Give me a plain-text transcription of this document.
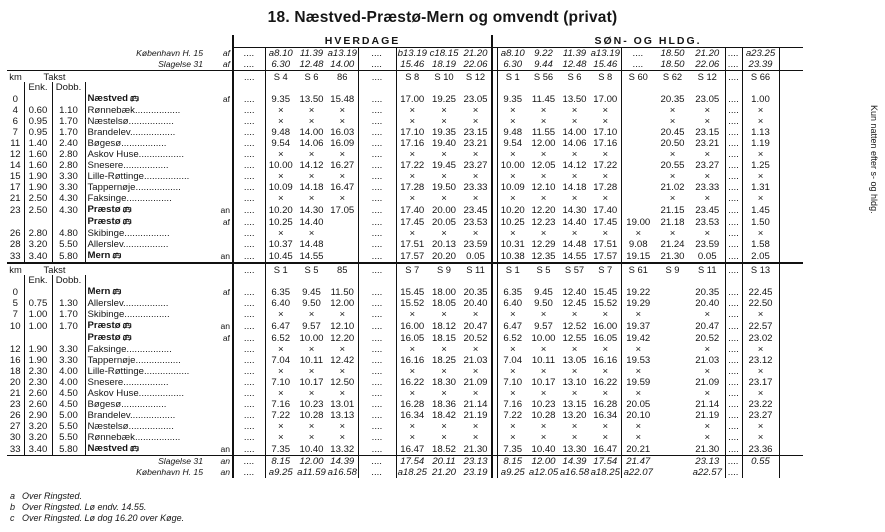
18. Næstved-Præstø-Mern og omvendt (privat)
					HVERDAGE								SØN- OG HLDG.										
			København H. 15	af	....	a8.10	11.39	a13.19	....	b13.19	c18.15	21.20		a8.10	9.22	11.39	a13.19	....	18.50	21.20	....	a23.25	
			Slagelse 31	af	....	6.30	12.48	14.00	....	15.46	18.19	22.06		6.30	9.44	12.48	15.46	....	18.50	22.06	....	23.39	
km	Takst				....	S 4	S 6	86	....	S 8	S 10	S 12		S 1	S 56	S 6	S 8	S 60	S 62	S 12	....	S 66	
	Enk.	Dobb.																					
0			Næstved 🚌︎	af	....	9.35	13.50	15.48	....	17.00	19.25	23.05		9.35	11.45	13.50	17.00		20.35	23.05	....	1.00	
4	0.60	1.10	Rønnebæk.................		....	×	×	×	....	×	×	×		×	×	×	×		×	×	....	×	
6	0.95	1.70	Næstelsø.................		....	×	×	×	....	×	×	×		×	×	×	×		×	×	....	×	
7	0.95	1.70	Brandelev.................		....	9.48	14.00	16.03	....	17.10	19.35	23.15		9.48	11.55	14.00	17.10		20.45	23.15	....	1.13	
11	1.40	2.40	Bøgesø.................		....	9.54	14.06	16.09	....	17.16	19.40	23.21		9.54	12.00	14.06	17.16		20.50	23.21	....	1.19	
12	1.60	2.80	Askov Huse.................		....	×	×	×	....	×	×	×		×	×	×	×		×	×	....	×	
14	1.60	2.80	Snesere.................		....	10.00	14.12	16.27	....	17.22	19.45	23.27		10.00	12.05	14.12	17.22		20.55	23.27	....	1.25	
15	1.90	3.30	Lille-Røttinge.................		....	×	×	×	....	×	×	×		×	×	×	×		×	×	....	×	
17	1.90	3.30	Tappernøje.................		....	10.09	14.18	16.47	....	17.28	19.50	23.33		10.09	12.10	14.18	17.28		21.02	23.33	....	1.31	
21	2.50	4.30	Faksinge.................		....	×	×	×	....	×	×	×		×	×	×	×		×	×	....	×	
23	2.50	4.30	Præstø 🚌︎	an	....	10.20	14.30	17.05	....	17.40	20.00	23.45		10.20	12.20	14.30	17.40		21.15	23.45	....	1.45	
			Præstø 🚌︎	af	....	10.25	14.40		....	17.45	20.05	23.53		10.25	12.23	14.40	17.45	19.00	21.18	23.53	....	1.50	
26	2.80	4.80	Skibinge.................		....	×	×		....	×	×	×		×	×	×	×	×	×	×	....	×	
28	3.20	5.50	Allerslev.................		....	10.37	14.48		....	17.51	20.13	23.59		10.31	12.29	14.48	17.51	9.08	21.24	23.59	....	1.58	
33	3.40	5.80	Mern 🚌︎	an	....	10.45	14.55		....	17.57	20.20	0.05		10.38	12.35	14.55	17.57	19.15	21.30	0.05	....	2.05	
km	Takst				....	S 1	S 5	85	....	S 7	S 9	S 11		S 1	S 5	S 57	S 7	S 61	S 9	S 11	....	S 13	
	Enk.	Dobb.																					
0			Mern 🚌︎	af	....	6.35	9.45	11.50	....	15.45	18.00	20.35		6.35	9.45	12.40	15.45	19.22		20.35	....	22.45	
5	0.75	1.30	Allerslev.................		....	6.40	9.50	12.00	....	15.52	18.05	20.40		6.40	9.50	12.45	15.52	19.29		20.40	....	22.50	
7	1.00	1.70	Skibinge.................		....	×	×	×	....	×	×	×		×	×	×	×	×		×	....	×	
10	1.00	1.70	Præstø 🚌︎	an	....	6.47	9.57	12.10	....	16.00	18.12	20.47		6.47	9.57	12.52	16.00	19.37		20.47	....	22.57	
			Præstø 🚌︎	af	....	6.52	10.00	12.20	....	16.05	18.15	20.52		6.52	10.00	12.55	16.05	19.42		20.52	....	23.02	
12	1.90	3.30	Faksinge.................		....	×	×	×	....	×	×	×		×	×	×	×	×		×	....	×	
16	1.90	3.30	Tappernøje.................		....	7.04	10.11	12.42	....	16.16	18.25	21.03		7.04	10.11	13.05	16.16	19.53		21.03	....	23.12	
18	2.30	4.00	Lille-Røttinge.................		....	×	×	×	....	×	×	×		×	×	×	×	×		×	....	×	
20	2.30	4.00	Snesere.................		....	7.10	10.17	12.50	....	16.22	18.30	21.09		7.10	10.17	13.10	16.22	19.59		21.09	....	23.17	
21	2.60	4.50	Askov Huse.................		....	×	×	×	....	×	×	×		×	×	×	×	×		×	....	×	
23	2.60	4.50	Bøgesø.................		....	7.16	10.23	13.01	....	16.28	18.36	21.14		7.16	10.23	13.15	16.28	20.05		21.14	....	23.22	
26	2.90	5.00	Brandelev.................		....	7.22	10.28	13.13	....	16.34	18.42	21.19		7.22	10.28	13.20	16.34	20.10		21.19	....	23.27	
27	3.20	5.50	Næstelsø.................		....	×	×	×	....	×	×	×		×	×	×	×	×		×	....	×	
30	3.20	5.50	Rønnebæk.................		....	×	×	×	....	×	×	×		×	×	×	×	×		×	....	×	
33	3.40	5.80	Næstved 🚌︎	an	....	7.35	10.40	13.32	....	16.47	18.52	21.30		7.35	10.40	13.30	16.47	20.21		21.30	....	23.36	
			Slagelse 31	an	....	8.15	12.00	14.39	....	17.54	20.11	23.13		8.15	12.00	14.39	17.54	21.47		23.13	....	0.55	
			København H. 15	an	....	a9.25	a11.59	a16.58	....	a18.25	21.20	23.19		a9.25	a12.05	a16.58	a18.25	a22.07		a22.57	....		
Kun natten efter s- og hldg.
a Over Ringsted.
b Over Ringsted. Lø endv. 14.55.
c Over Ringsted. Lø dog 16.20 over Køge.
